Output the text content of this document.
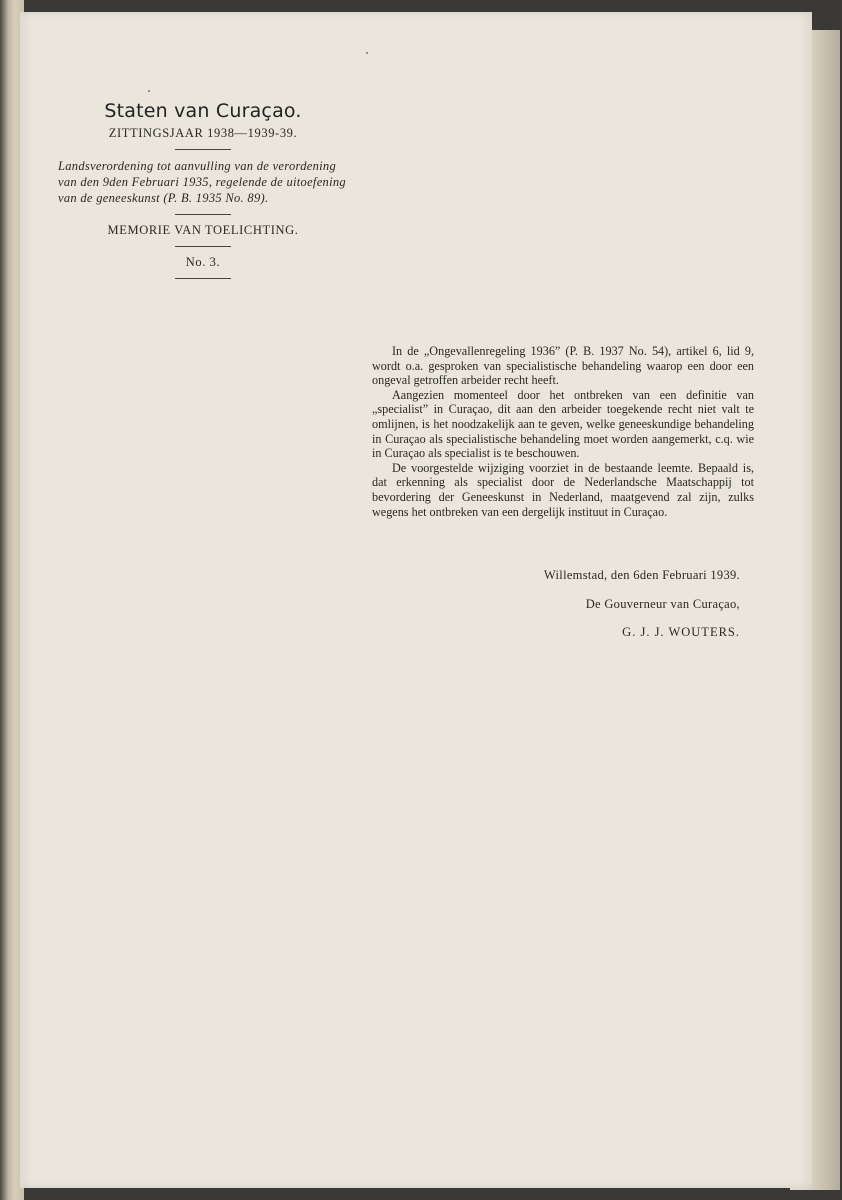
Staten van Curaçao.
ZITTINGSJAAR 1938—1939-39.
Landsverordening tot aanvulling van de verordening van den 9den Februari 1935, regelende de uitoefening van de geneeskunst (P. B. 1935 No. 89).
MEMORIE VAN TOELICHTING.
No. 3.

In de „Ongevallenregeling 1936” (P. B. 1937 No. 54), artikel 6, lid 9, wordt o.a. gesproken van specialistische behandeling waarop een door een ongeval getroffen arbeider recht heeft.

Aangezien momenteel door het ontbreken van een definitie van „specialist” in Curaçao, dit aan den arbeider toegekende recht niet valt te omlijnen, is het noodzakelijk aan te geven, welke geneeskundige behandeling in Curaçao als specialistische behandeling moet worden aangemerkt, c.q. wie in Curaçao als specialist is te beschouwen.

De voorgestelde wijziging voorziet in de bestaande leemte. Bepaald is, dat erkenning als specialist door de Nederlandsche Maatschappij tot bevordering der Geneeskunst in Nederland, maatgevend zal zijn, zulks wegens het ontbreken van een dergelijk instituut in Curaçao.

Willemstad, den 6den Februari 1939.
De Gouverneur van Curaçao,
G. J. J. WOUTERS.
